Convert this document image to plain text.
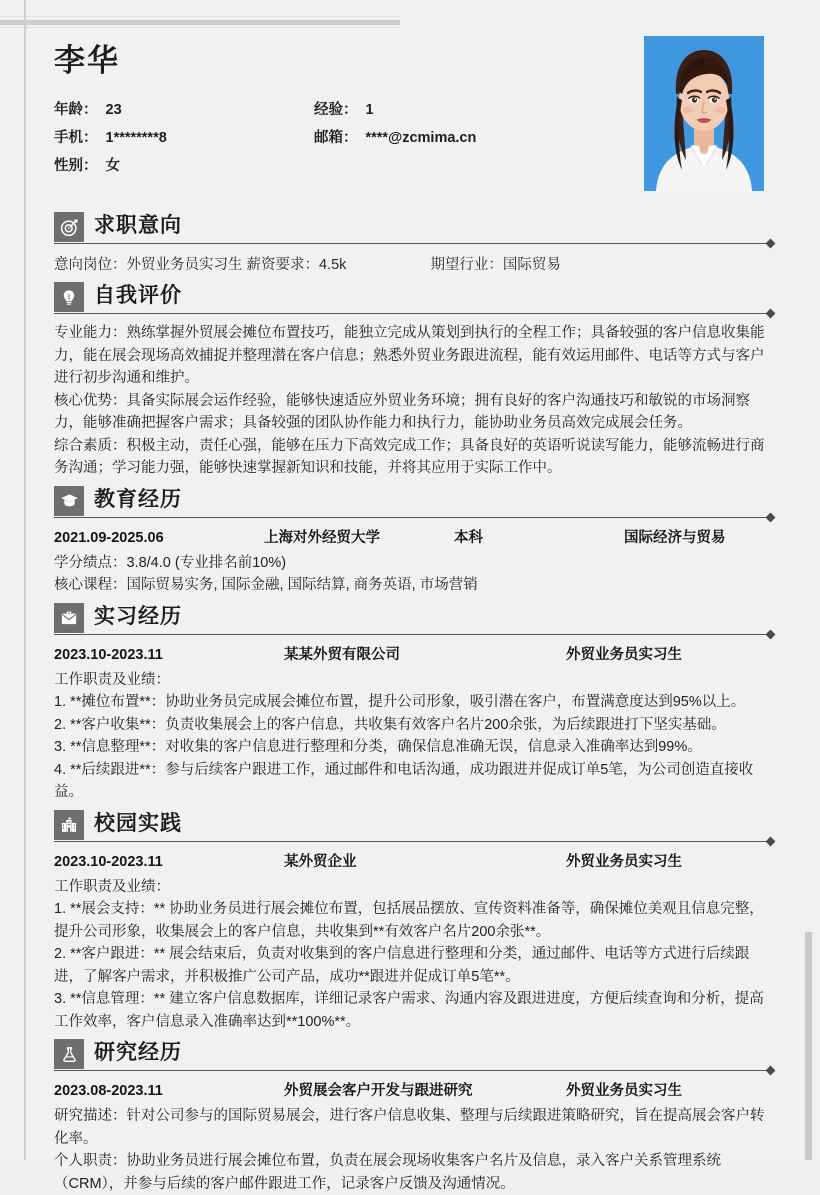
李华
年龄： 23	经验： 1
手机： 1********8	邮箱： ****@zcmima.cn
性别： 女
求职意向
意向岗位：外贸业务员实习生 薪资要求：4.5k	期望行业：国际贸易
自我评价

专业能力：熟练掌握外贸展会摊位布置技巧，能独立完成从策划到执行的全程工作；具备较强的客户信息收集能力，能在展会现场高效捕捉并整理潜在客户信息；熟悉外贸业务跟进流程，能有效运用邮件、电话等方式与客户进行初步沟通和维护。

核心优势：具备实际展会运作经验，能够快速适应外贸业务环境；拥有良好的客户沟通技巧和敏锐的市场洞察力，能够准确把握客户需求；具备较强的团队协作能力和执行力，能协助业务员高效完成展会任务。

综合素质：积极主动，责任心强，能够在压力下高效完成工作；具备良好的英语听说读写能力，能够流畅进行商务沟通；学习能力强，能够快速掌握新知识和技能，并将其应用于实际工作中。

教育经历
2021.09-2025.06	上海对外经贸大学	本科	国际经济与贸易

学分绩点：3.8/4.0 (专业排名前10%)

核心课程：国际贸易实务, 国际金融, 国际结算, 商务英语, 市场营销

实习经历
2023.10-2023.11	某某外贸有限公司	外贸业务员实习生

工作职责及业绩：

1. **摊位布置**：协助业务员完成展会摊位布置，提升公司形象，吸引潜在客户，布置满意度达到95%以上。

2. **客户收集**：负责收集展会上的客户信息，共收集有效客户名片200余张，为后续跟进打下坚实基础。

3. **信息整理**：对收集的客户信息进行整理和分类，确保信息准确无误，信息录入准确率达到99%。

4. **后续跟进**：参与后续客户跟进工作，通过邮件和电话沟通，成功跟进并促成订单5笔，为公司创造直接收益。

校园实践
2023.10-2023.11	某外贸企业	外贸业务员实习生

工作职责及业绩：

1. **展会支持：** 协助业务员进行展会摊位布置，包括展品摆放、宣传资料准备等，确保摊位美观且信息完整，提升公司形象，收集展会上的客户信息，共收集到**有效客户名片200余张**。

2. **客户跟进：** 展会结束后，负责对收集到的客户信息进行整理和分类，通过邮件、电话等方式进行后续跟进，了解客户需求，并积极推广公司产品，成功**跟进并促成订单5笔**。

3. **信息管理：** 建立客户信息数据库，详细记录客户需求、沟通内容及跟进进度，方便后续查询和分析，提高工作效率，客户信息录入准确率达到**100%**。

研究经历
2023.08-2023.11	外贸展会客户开发与跟进研究	外贸业务员实习生

研究描述：针对公司参与的国际贸易展会，进行客户信息收集、整理与后续跟进策略研究，旨在提高展会客户转化率。

个人职责：协助业务员进行展会摊位布置，负责在展会现场收集客户名片及信息，录入客户关系管理系统（CRM），并参与后续的客户邮件跟进工作，记录客户反馈及沟通情况。
